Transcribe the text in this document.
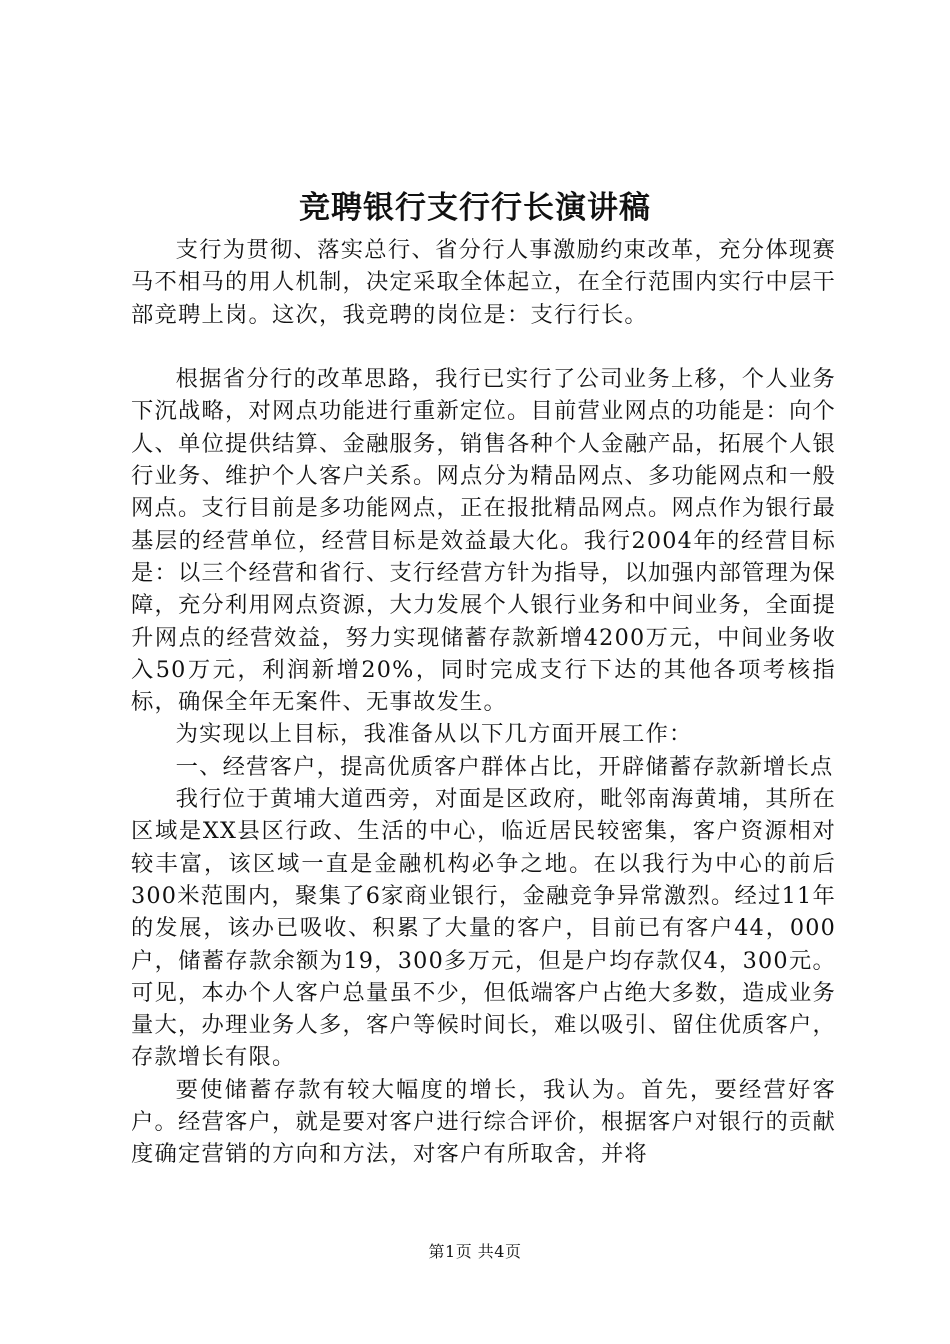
竞聘银行支行行长演讲稿

支行为贯彻、落实总行、省分行人事激励约束改革，充分体现赛马不相马的用人机制，决定采取全体起立，在全行范围内实行中层干部竞聘上岗。这次，我竞聘的岗位是：支行行长。

根据省分行的改革思路，我行已实行了公司业务上移，个人业务下沉战略，对网点功能进行重新定位。目前营业网点的功能是：向个人、单位提供结算、金融服务，销售各种个人金融产品，拓展个人银行业务、维护个人客户关系。网点分为精品网点、多功能网点和一般网点。支行目前是多功能网点，正在报批精品网点。网点作为银行最基层的经营单位，经营目标是效益最大化。我行2004年的经营目标是：以三个经营和省行、支行经营方针为指导，以加强内部管理为保障，充分利用网点资源，大力发展个人银行业务和中间业务，全面提升网点的经营效益，努力实现储蓄存款新增4200万元，中间业务收入50万元，利润新增20%，同时完成支行下达的其他各项考核指标，确保全年无案件、无事故发生。

为实现以上目标，我准备从以下几方面开展工作：

一、经营客户，提高优质客户群体占比，开辟储蓄存款新增长点

我行位于黄埔大道西旁，对面是区政府，毗邻南海黄埔，其所在区域是XX县区行政、生活的中心，临近居民较密集，客户资源相对较丰富，该区域一直是金融机构必争之地。在以我行为中心的前后300米范围内，聚集了6家商业银行，金融竞争异常激烈。经过11年的发展，该办已吸收、积累了大量的客户，目前已有客户44，000户，储蓄存款余额为19，300多万元，但是户均存款仅4，300元。可见，本办个人客户总量虽不少，但低端客户占绝大多数，造成业务量大，办理业务人多，客户等候时间长，难以吸引、留住优质客户，存款增长有限。

要使储蓄存款有较大幅度的增长，我认为。首先，要经营好客户。经营客户，就是要对客户进行综合评价，根据客户对银行的贡献度确定营销的方向和方法，对客户有所取舍，并将

第1页 共4页
